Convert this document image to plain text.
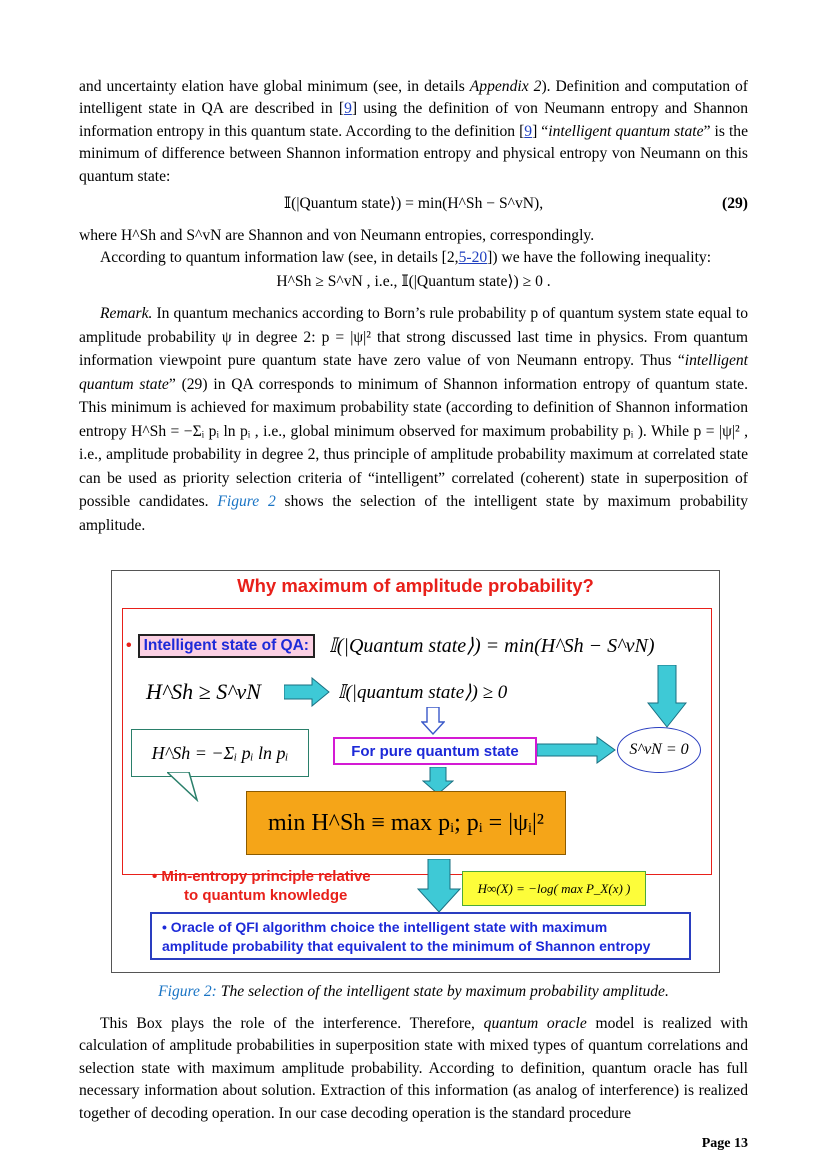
and uncertainty elation have global minimum (see, in details Appendix 2). Definition and computation of intelligent state in QA are described in [9] using the definition of von Neumann entropy and Shannon information entropy in this quantum state. According to the definition [9] “intelligent quantum state” is the minimum of difference between Shannon information entropy and physical entropy von Neumann on this quantum state:

𝕀(|Quantum state⟩) = min(H^Sh − S^vN),	(29)

where H^Sh and S^vN are Shannon and von Neumann entropies, correspondingly.

According to quantum information law (see, in details [2,5-20]) we have the following inequality:

H^Sh ≥ S^vN , i.e., 𝕀(|Quantum state⟩) ≥ 0 .

Remark. In quantum mechanics according to Born’s rule probability p of quantum system state equal to amplitude probability ψ in degree 2: p = |ψ|² that strong discussed last time in physics. From quantum information viewpoint pure quantum state have zero value of von Neumann entropy. Thus “intelligent quantum state” (29) in QA corresponds to minimum of Shannon information entropy of quantum state. This minimum is achieved for maximum probability state (according to definition of Shannon information entropy H^Sh = −Σᵢ pᵢ ln pᵢ , i.e., global minimum observed for maximum probability pᵢ ). While p = |ψ|² , i.e., amplitude probability in degree 2, thus principle of amplitude probability maximum at correlated state can be used as priority selection criteria of “intelligent” correlated (coherent) state in superposition of possible candidates. Figure 2 shows the selection of the intelligent state by maximum probability amplitude.

Why maximum of amplitude probability?
• Intelligent state of QA:	𝕀(|Quantum state⟩) = min(H^Sh − S^vN)
H^Sh ≥ S^vN	𝕀(|quantum state⟩) ≥ 0
H^Sh = −Σᵢ pᵢ ln pᵢ	For pure quantum state	S^vN = 0
min H^Sh ≡ max pᵢ; pᵢ = |ψᵢ|²
• Min-entropy principle relative
to quantum knowledge	H∞(X) = −log( max P_X(x) )
• Oracle of QFI algorithm choice the intelligent state with maximum
amplitude probability that equivalent to the minimum of Shannon entropy
Figure 2: The selection of the intelligent state by maximum probability amplitude.

This Box plays the role of the interference. Therefore, quantum oracle model is realized with calculation of amplitude probabilities in superposition state with mixed types of quantum correlations and selection state with maximum amplitude probability. According to definition, quantum oracle has full necessary information about solution. Extraction of this information (as analog of interference) is realized together of decoding operation. In our case decoding operation is the standard procedure

Page 13
